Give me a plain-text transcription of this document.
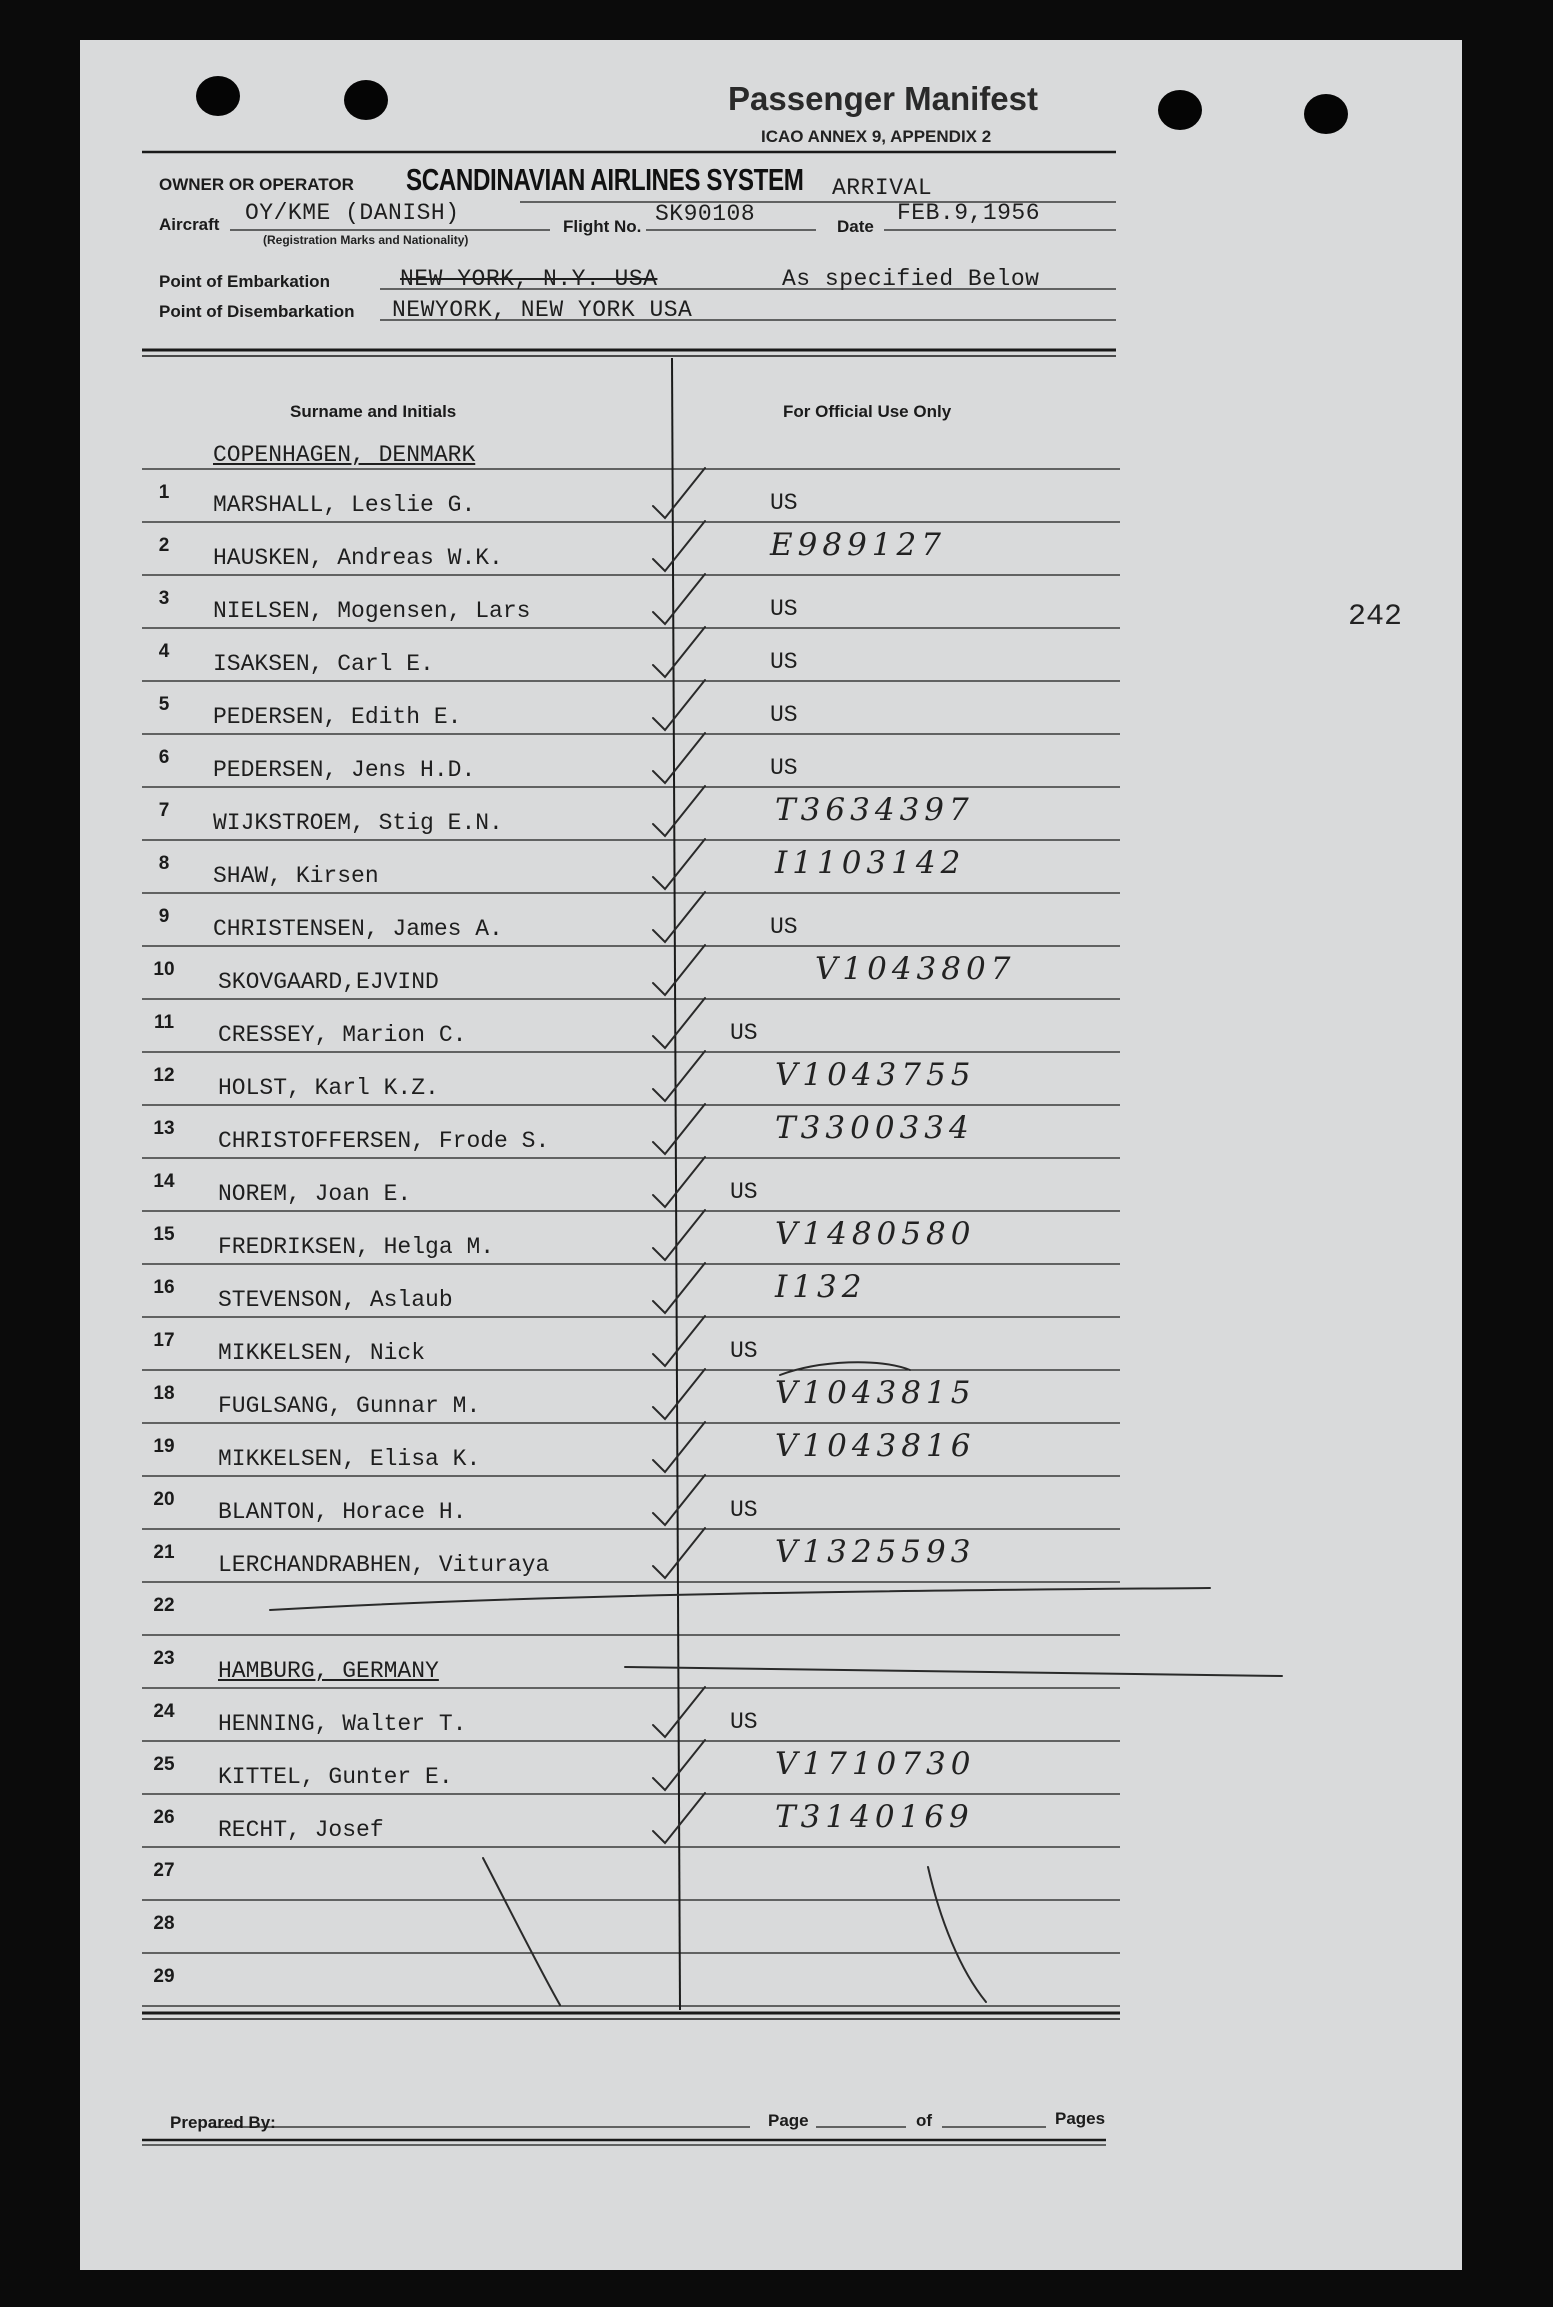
Passenger Manifest
ICAO ANNEX 9, APPENDIX 2
OWNER OR OPERATOR SCANDINAVIAN AIRLINES SYSTEM ARRIVAL
Aircraft OY/KME (DANISH)
(Registration Marks and Nationality)
Flight No. SK90108	Date
FEB.9,1956
Point of Embarkation	NEW YORK, N.Y. USA	As specified Below
Point of Disembarkation NEWYORK, NEW YORK USA
Surname and Initials	For Official Use Only
COPENHAGEN, DENMARK
1	MARSHALL, Leslie G.	US
2	HAUSKEN, Andreas W.K.	E989127
3	NIELSEN, Mogensen, Lars	US
4	ISAKSEN, Carl E.	US
5	PEDERSEN, Edith E.	US
6	PEDERSEN, Jens H.D.	US
7	WIJKSTROEM, Stig E.N.	T3634397
8	SHAW, Kirsen	I1103142
9	CHRISTENSEN, James A.	US
10	SKOVGAARD,EJVIND	V1043807
11	CRESSEY, Marion C.	US
12	HOLST, Karl K.Z.	V1043755
13	CHRISTOFFERSEN, Frode S.	T3300334
14	NOREM, Joan E.	US
15	FREDRIKSEN, Helga M.	V1480580
16	STEVENSON, Aslaub	I132
17	MIKKELSEN, Nick	US
18	FUGLSANG, Gunnar M.	V1043815
19	MIKKELSEN, Elisa K.	V1043816
20	BLANTON, Horace H.	US
21	LERCHANDRABHEN, Vituraya	V1325593
22
23	HAMBURG, GERMANY
24	HENNING, Walter T.	US
25	KITTEL, Gunter E.	V1710730
26	RECHT, Josef	T3140169
27
28
29
242
Prepared By:	Page	of	Pages
